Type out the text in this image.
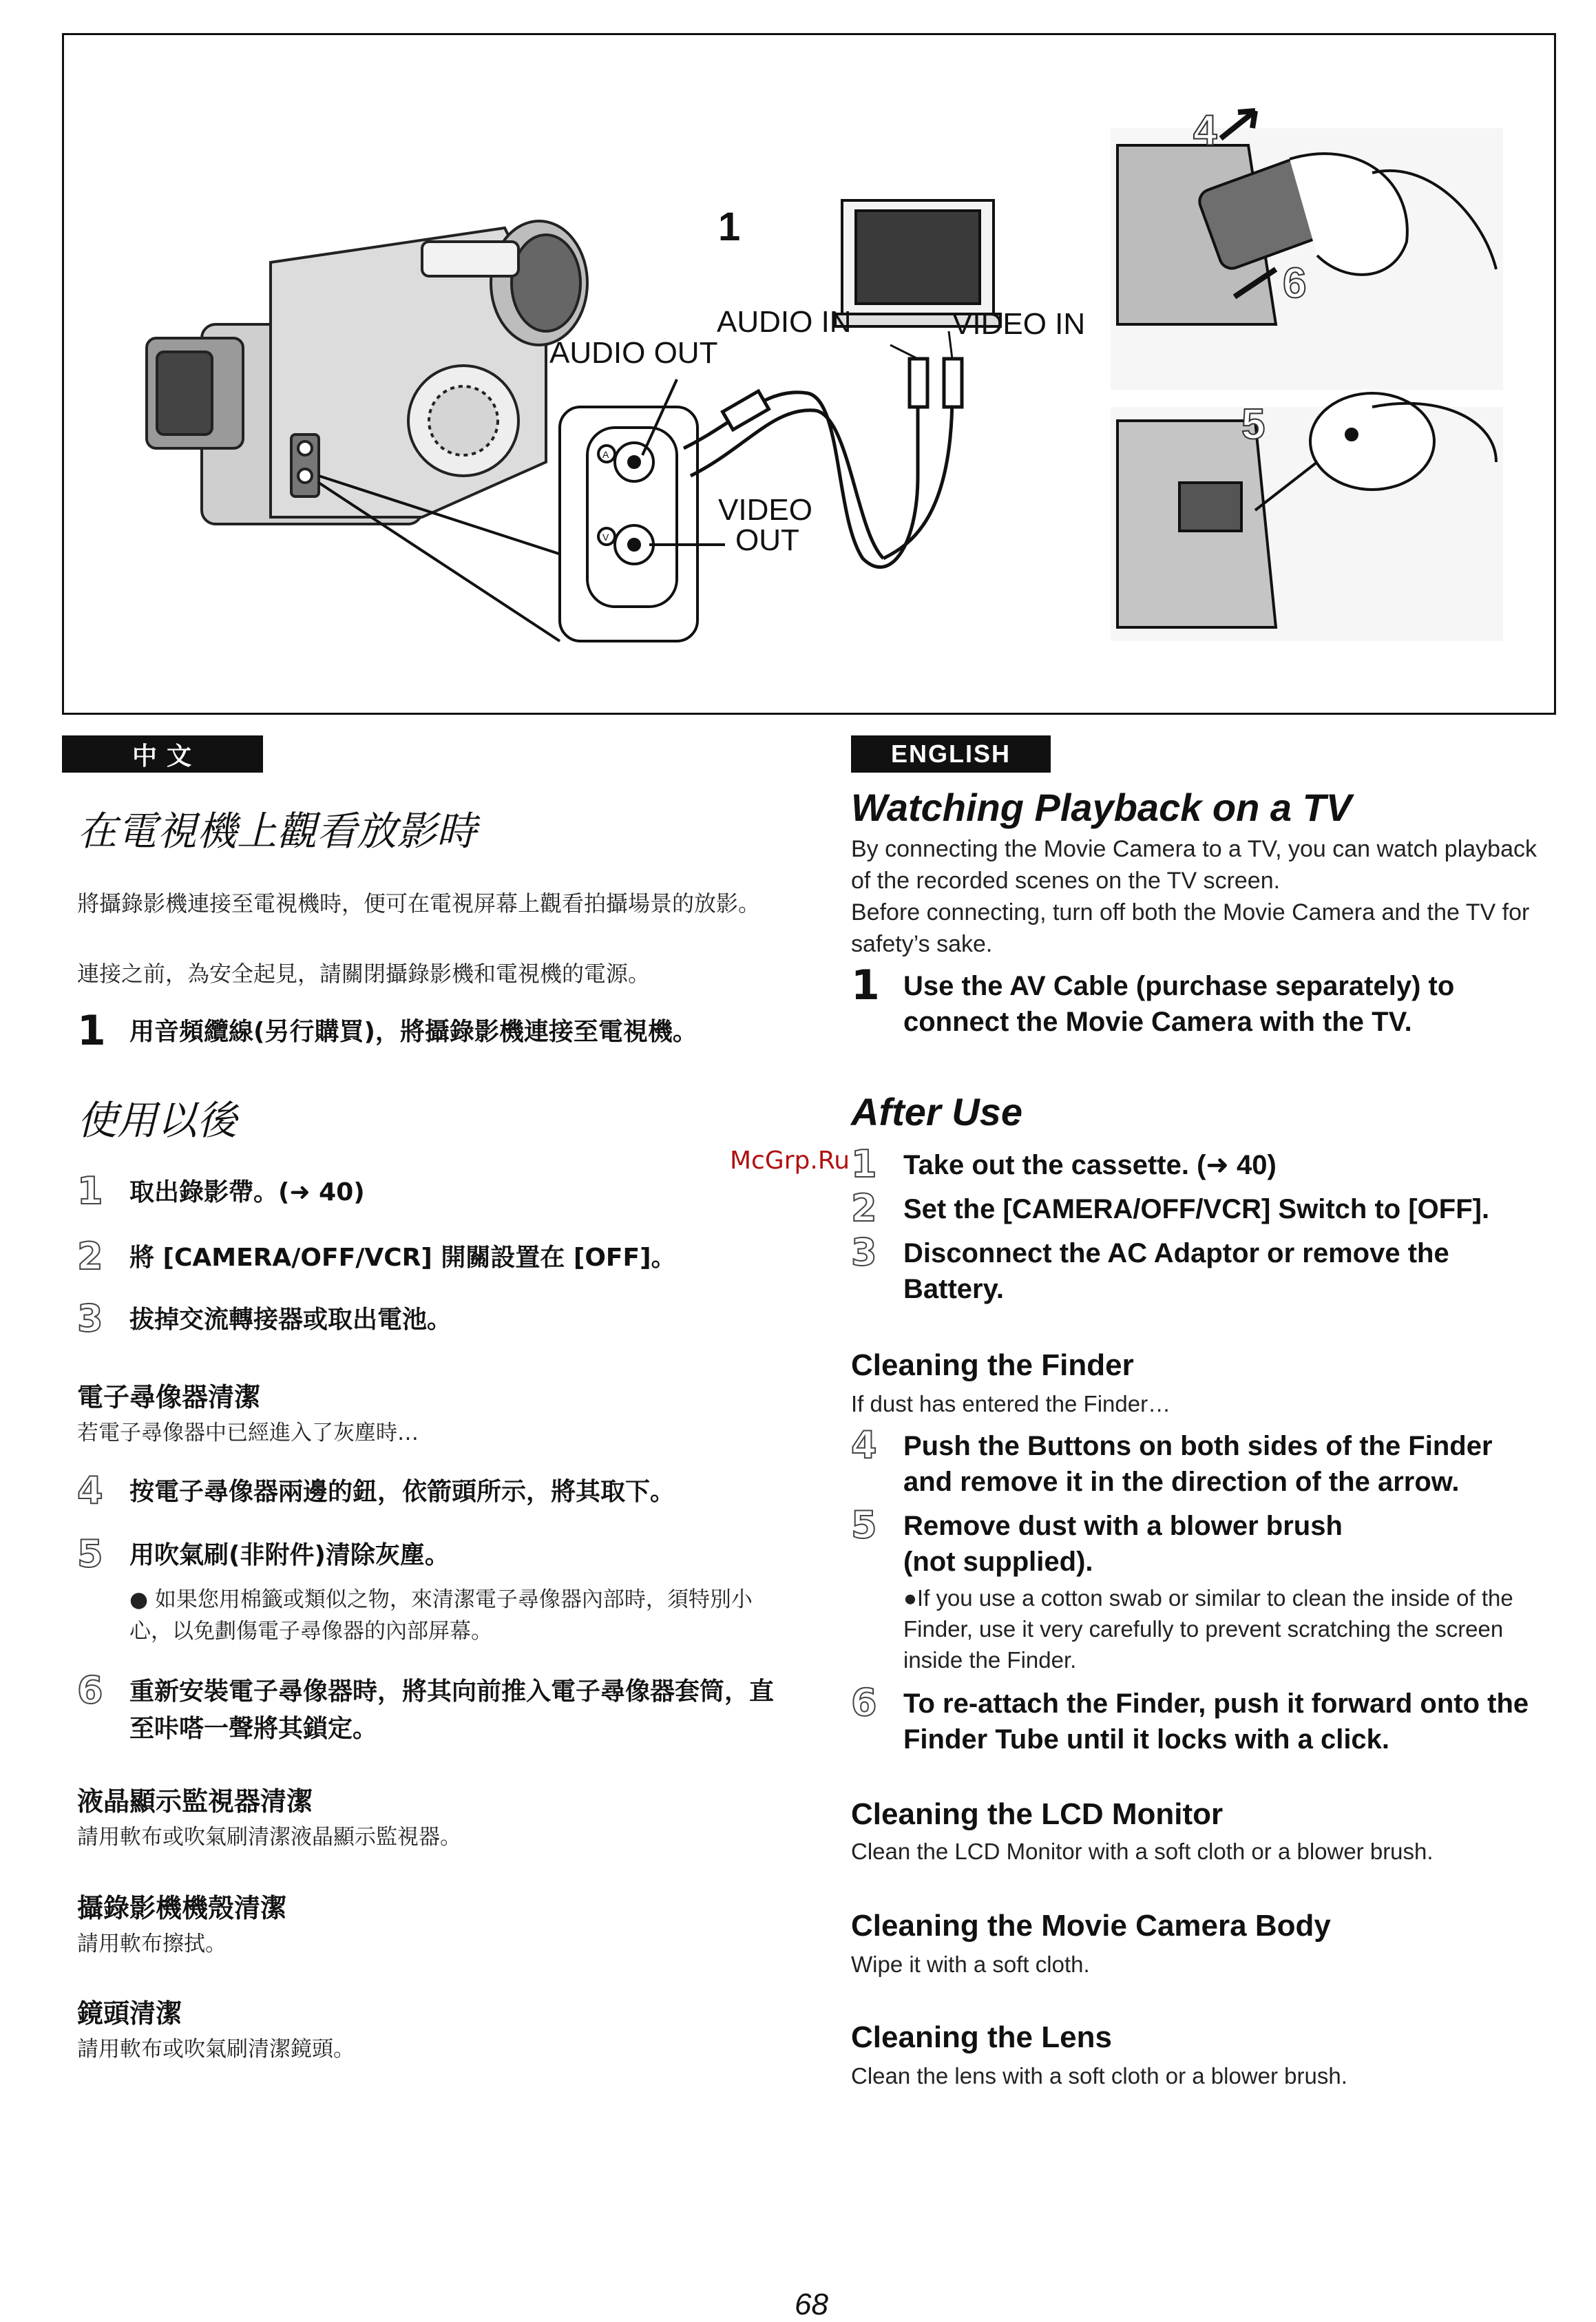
A
V
1
AUDIO IN	VIDEO IN
AUDIO OUT
VIDEO
OUT
4
6
5
中 文
在電視機上觀看放影時
將攝錄影機連接至電視機時，便可在電視屏幕上觀看拍攝場景的放影。
連接之前，為安全起見，請關閉攝錄影機和電視機的電源。
1 用音頻纜線(另行購買)，將攝錄影機連接至電視機。
使用以後
1	取出錄影帶。(➜ 40)
2	將 [CAMERA/OFF/VCR] 開關設置在 [OFF]。
3	拔掉交流轉接器或取出電池。
電子尋像器清潔
若電子尋像器中已經進入了灰塵時…
4	按電子尋像器兩邊的鈕，依箭頭所示，將其取下。
5	用吹氣刷(非附件)清除灰塵。
● 如果您用棉籤或類似之物，來清潔電子尋像器內部時，須特別小心，以免劃傷電子尋像器的內部屏幕。
6	重新安裝電子尋像器時，將其向前推入電子尋像器套筒，直至咔嗒一聲將其鎖定。
液晶顯示監視器清潔
請用軟布或吹氣刷清潔液晶顯示監視器。
攝錄影機機殼清潔
請用軟布擦拭。
鏡頭清潔
請用軟布或吹氣刷清潔鏡頭。
ENGLISH
Watching Playback on a TV
By connecting the Movie Camera to a TV, you can watch playback of the recorded scenes on the TV screen.
Before connecting, turn off both the Movie Camera and the TV for safety’s sake.
1 Use the AV Cable (purchase separately) to connect the Movie Camera with the TV.
After Use
1 Take out the cassette. (➜ 40)
2 Set the [CAMERA/OFF/VCR] Switch to [OFF].
3 Disconnect the AC Adaptor or remove the Battery.
Cleaning the Finder
If dust has entered the Finder…
4 Push the Buttons on both sides of the Finder and remove it in the direction of the arrow.
5 Remove dust with a blower brush (not supplied).
●If you use a cotton swab or similar to clean the inside of the Finder, use it very carefully to prevent scratching the screen inside the Finder.
6 To re-attach the Finder, push it forward onto the Finder Tube until it locks with a click.
Cleaning the LCD Monitor
Clean the LCD Monitor with a soft cloth or a blower brush.
Cleaning the Movie Camera Body
Wipe it with a soft cloth.
Cleaning the Lens
Clean the lens with a soft cloth or a blower brush.
McGrp.Ru
68
